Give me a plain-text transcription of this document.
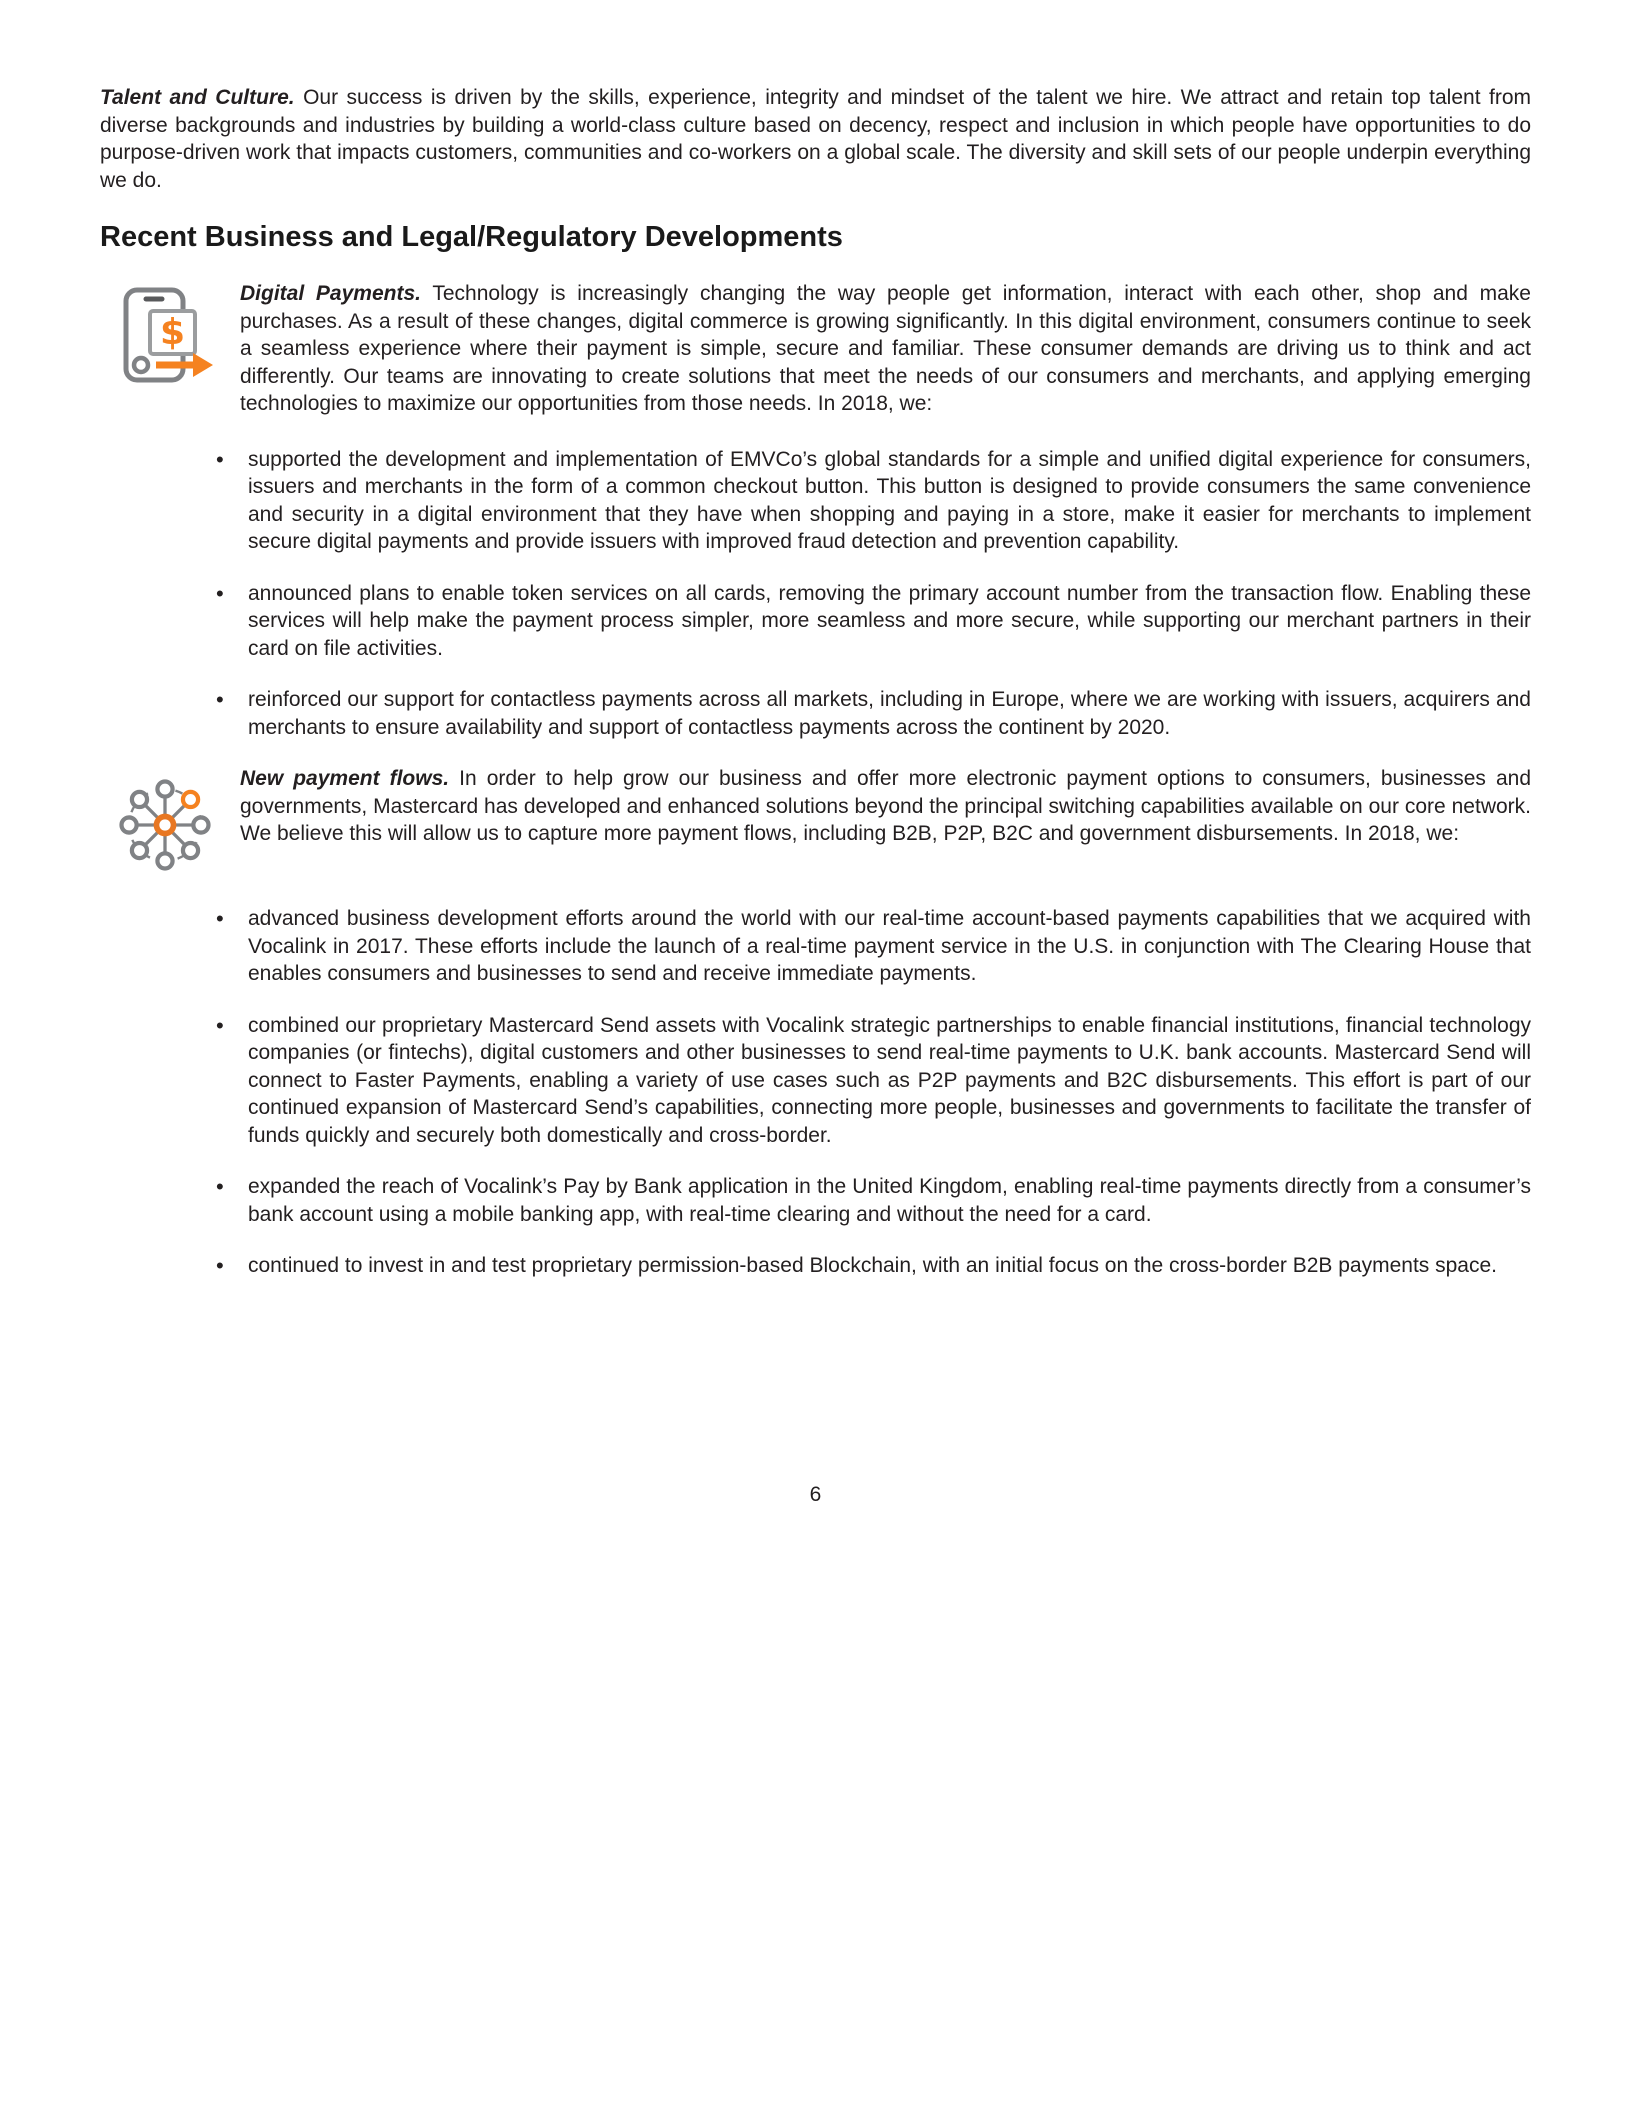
Talent and Culture. Our success is driven by the skills, experience, integrity and mindset of the talent we hire. We attract and retain top talent from diverse backgrounds and industries by building a world-class culture based on decency, respect and inclusion in which people have opportunities to do purpose-driven work that impacts customers, communities and co-workers on a global scale. The diversity and skill sets of our people underpin everything we do.

Recent Business and Legal/Regulatory Developments
$

Digital Payments. Technology is increasingly changing the way people get information, interact with each other, shop and make purchases. As a result of these changes, digital commerce is growing significantly. In this digital environment, consumers continue to seek a seamless experience where their payment is simple, secure and familiar. These consumer demands are driving us to think and act differently. Our teams are innovating to create solutions that meet the needs of our consumers and merchants, and applying emerging technologies to maximize our opportunities from those needs. In 2018, we:

• supported the development and implementation of EMVCo’s global standards for a simple and unified digital experience for consumers, issuers and merchants in the form of a common checkout button. This button is designed to provide consumers the same convenience and security in a digital environment that they have when shopping and paying in a store, make it easier for merchants to implement secure digital payments and provide issuers with improved fraud detection and prevention capability.
• announced plans to enable token services on all cards, removing the primary account number from the transaction flow. Enabling these services will help make the payment process simpler, more seamless and more secure, while supporting our merchant partners in their card on file activities.
• reinforced our support for contactless payments across all markets, including in Europe, where we are working with issuers, acquirers and merchants to ensure availability and support of contactless payments across the continent by 2020.

New payment flows. In order to help grow our business and offer more electronic payment options to consumers, businesses and governments, Mastercard has developed and enhanced solutions beyond the principal switching capabilities available on our core network. We believe this will allow us to capture more payment flows, including B2B, P2P, B2C and government disbursements. In 2018, we:

• advanced business development efforts around the world with our real-time account-based payments capabilities that we acquired with Vocalink in 2017. These efforts include the launch of a real-time payment service in the U.S. in conjunction with The Clearing House that enables consumers and businesses to send and receive immediate payments.
• combined our proprietary Mastercard Send assets with Vocalink strategic partnerships to enable financial institutions, financial technology companies (or fintechs), digital customers and other businesses to send real-time payments to U.K. bank accounts. Mastercard Send will connect to Faster Payments, enabling a variety of use cases such as P2P payments and B2C disbursements. This effort is part of our continued expansion of Mastercard Send’s capabilities, connecting more people, businesses and governments to facilitate the transfer of funds quickly and securely both domestically and cross-border.
• expanded the reach of Vocalink’s Pay by Bank application in the United Kingdom, enabling real-time payments directly from a consumer’s bank account using a mobile banking app, with real-time clearing and without the need for a card.
• continued to invest in and test proprietary permission-based Blockchain, with an initial focus on the cross-border B2B payments space.
6
